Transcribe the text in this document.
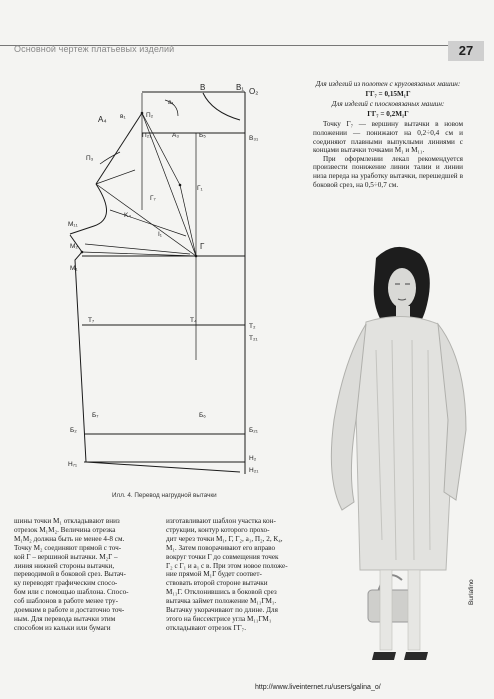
Основной чертеж платьевых изделий	27
a₁
B	B₁ O₂
A₄ в₁	П₂
П₂₁	A₃	Б₅	B₃₁
П₃
Г₁
Г₇
K₄
M₁₁
I₁
M₂	Г
M₁
T₇	T₄
T₂
T₂₁
Б₇	Б₆
Б₂	Б₂₁
H₇₁
H₂
H₂₁
Илл. 4. Перевод нагрудной вытачки

Для изделий из полотен с круговязаных машин:

ГГ₇ = 0,15М₁Г

Для изделий с плосковязаных машин:

ГГ₇ = 0,2М₁Г

Точку Г₇ — вершину вытачки в новом положении — понижают на 0,2÷0,4 см и соединяют плавными выпуклыми линиями с концами вытачки точками М₁ и М₁₁.

При оформлении лекал рекомендуется произвести понижение линии талии и линии низа переда на уработку вытачки, перешедшей в боковой срез, на 0,5÷0,7 см.

Burlafino
шины точки М₁ откладывают вниз
отрезок М₁М₂. Величина отрезка
М₁М₂ должна быть не менее 4-8 см.
Точку М₂ соединяют прямой с точ-
кой Г – вершиной вытачки. М₂Г –
линия нижней стороны вытачки,
переводимой в боковой срез. Вытач-
ку переводят графическим спосо-
бом или с помощью шаблона. Спосо-
соб шаблонов в работе менее тру-
доемким в работе и достаточно точ-
ным. Для перевода вытачки этим
способом из кальки или бумаги
изготавливают шаблон участка кон-
струкции, контур которого прохо-
дит через точки М₁, Г, Г₂, а₁, П₂, 2, К₄,
М₁. Затем поворачивают его вправо
вокруг точки Г до совмещения точек
Г₂ с Г₁ и а₁ с в. При этом новое положе-
ние прямой М₁Г будет соответ-
ствовать второй стороне вытачки
М₁₁Г. Отклонившись в боковой срез
вытачка займет положение М₁₁ГМ₁.
Вытачку укорачивают по длине. Для
этого на биссектрисе угла М₁₁ГМ₁
откладывают отрезок ГГ₇.
http://www.liveinternet.ru/users/galina_o/
